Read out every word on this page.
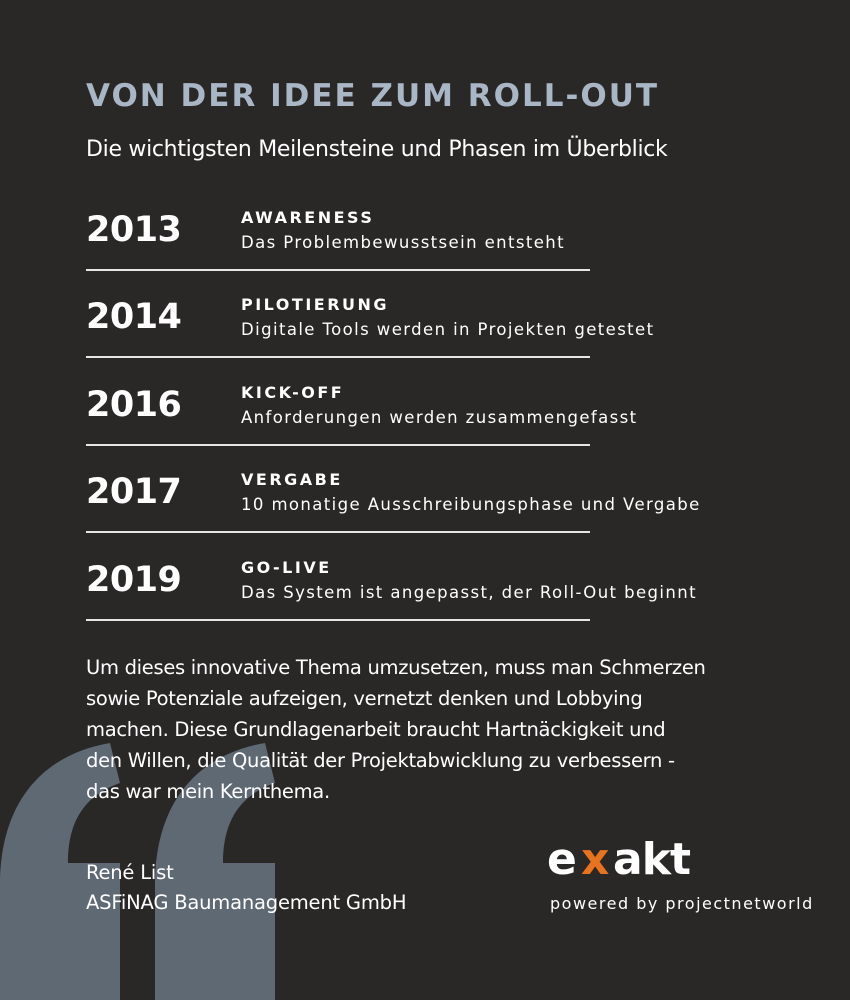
VON DER IDEE ZUM ROLL-OUT
Die wichtigsten Meilensteine und Phasen im Überblick
2013	AWARENESS
Das Problembewusstsein entsteht
2014	PILOTIERUNG
Digitale Tools werden in Projekten getestet
2016	KICK-OFF
Anforderungen werden zusammengefasst
2017	VERGABE
10 monatige Ausschreibungsphase und Vergabe
2019	GO-LIVE
Das System ist angepasst, der Roll-Out beginnt
Um dieses innovative Thema umzusetzen, muss man Schmerzen
sowie Potenziale aufzeigen, vernetzt denken und Lobbying
machen. Diese Grundlagenarbeit braucht Hartnäckigkeit und
den Willen, die Qualität der Projektabwicklung zu verbessern -
das war mein Kernthema.
René List
ASFiNAG Baumanagement GmbH
e x akt
powered by projectnetworld
